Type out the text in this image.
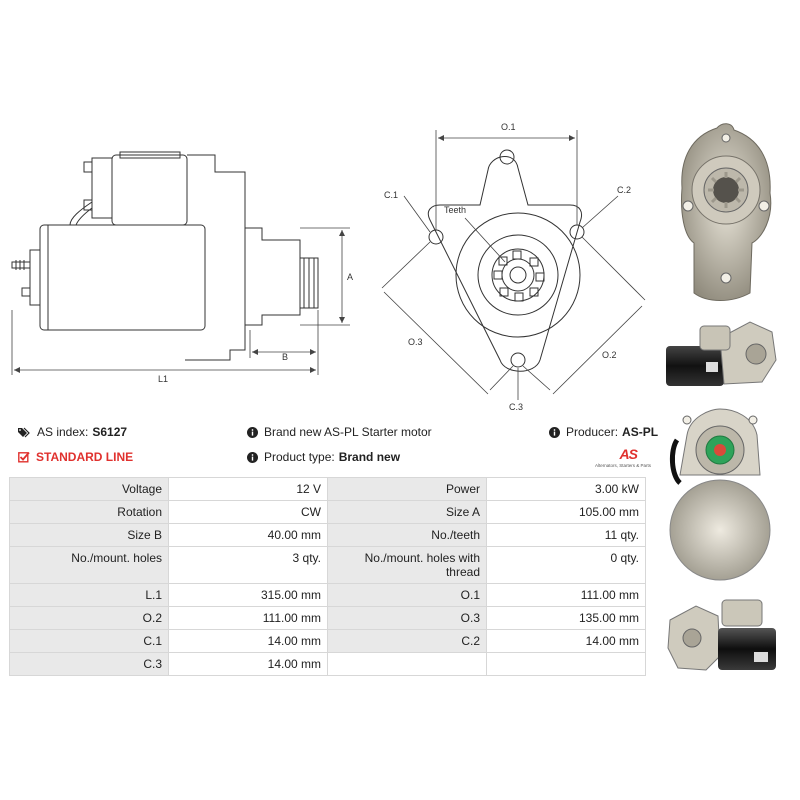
A
B
L1
O.1
C.1	C.2
Teeth
O.3
O.2
C.3
AS index: S6127
STANDARD LINE
Brand new AS-PL Starter motor
Product type: Brand new
Producer: AS-PL
AS
Alternators, Starters & Parts
Voltage	12 V	Power	3.00 kW
Rotation	CW	Size A	105.00 mm
Size B	40.00 mm	No./teeth	11 qty.
No./mount. holes	3 qty.	No./mount. holes with thread	0 qty.
L.1	315.00 mm	O.1	111.00 mm
O.2	111.00 mm	O.3	135.00 mm
C.1	14.00 mm	C.2	14.00 mm
C.3	14.00 mm		
